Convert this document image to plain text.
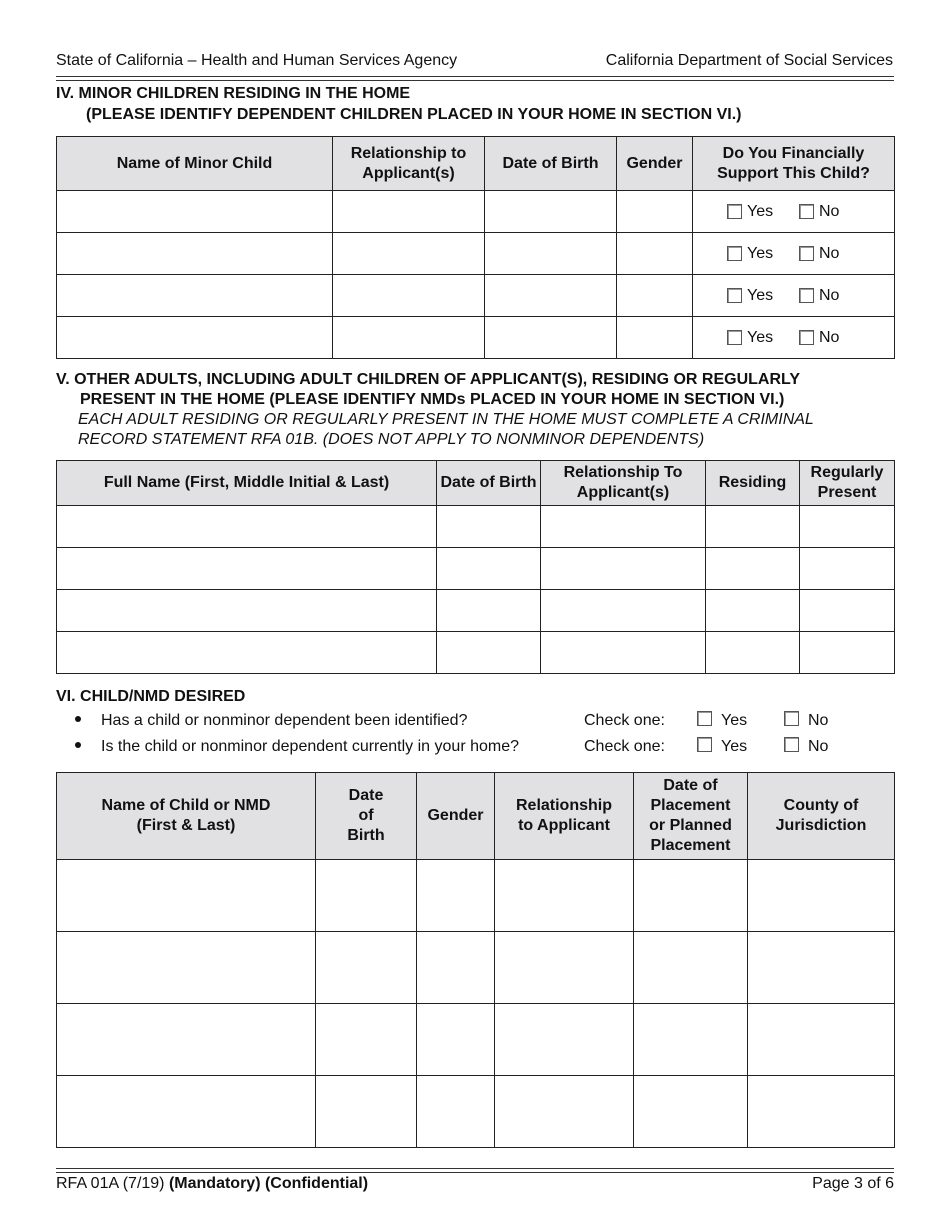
State of California – Health and Human Services Agency	California Department of Social Services
IV. MINOR CHILDREN RESIDING IN THE HOME
(PLEASE IDENTIFY DEPENDENT CHILDREN PLACED IN YOUR HOME IN SECTION VI.)
Name of Minor Child	Relationship to Applicant(s)	Date of Birth	Gender	Do You Financially Support This Child?

				Yes No

				Yes No

				Yes No

				Yes No
V. OTHER ADULTS, INCLUDING ADULT CHILDREN OF APPLICANT(S), RESIDING OR REGULARLY
PRESENT IN THE HOME (PLEASE IDENTIFY NMDs PLACED IN YOUR HOME IN SECTION VI.)
EACH ADULT RESIDING OR REGULARLY PRESENT IN THE HOME MUST COMPLETE A CRIMINAL
RECORD STATEMENT RFA 01B. (DOES NOT APPLY TO NONMINOR DEPENDENTS)
Full Name (First, Middle Initial & Last)	Date of Birth	Relationship To Applicant(s)	Residing	Regularly Present

VI. CHILD/NMD DESIRED
Has a child or nonminor dependent been identified?	Check one:	Yes	No
Is the child or nonminor dependent currently in your home?	Check one:	Yes	No
Name of Child or NMD (First & Last)	Date of Birth	Gender	Relationship to Applicant	Date of Placement or Planned Placement	County of Jurisdiction

RFA 01A (7/19) (Mandatory) (Confidential)	Page 3 of 6
